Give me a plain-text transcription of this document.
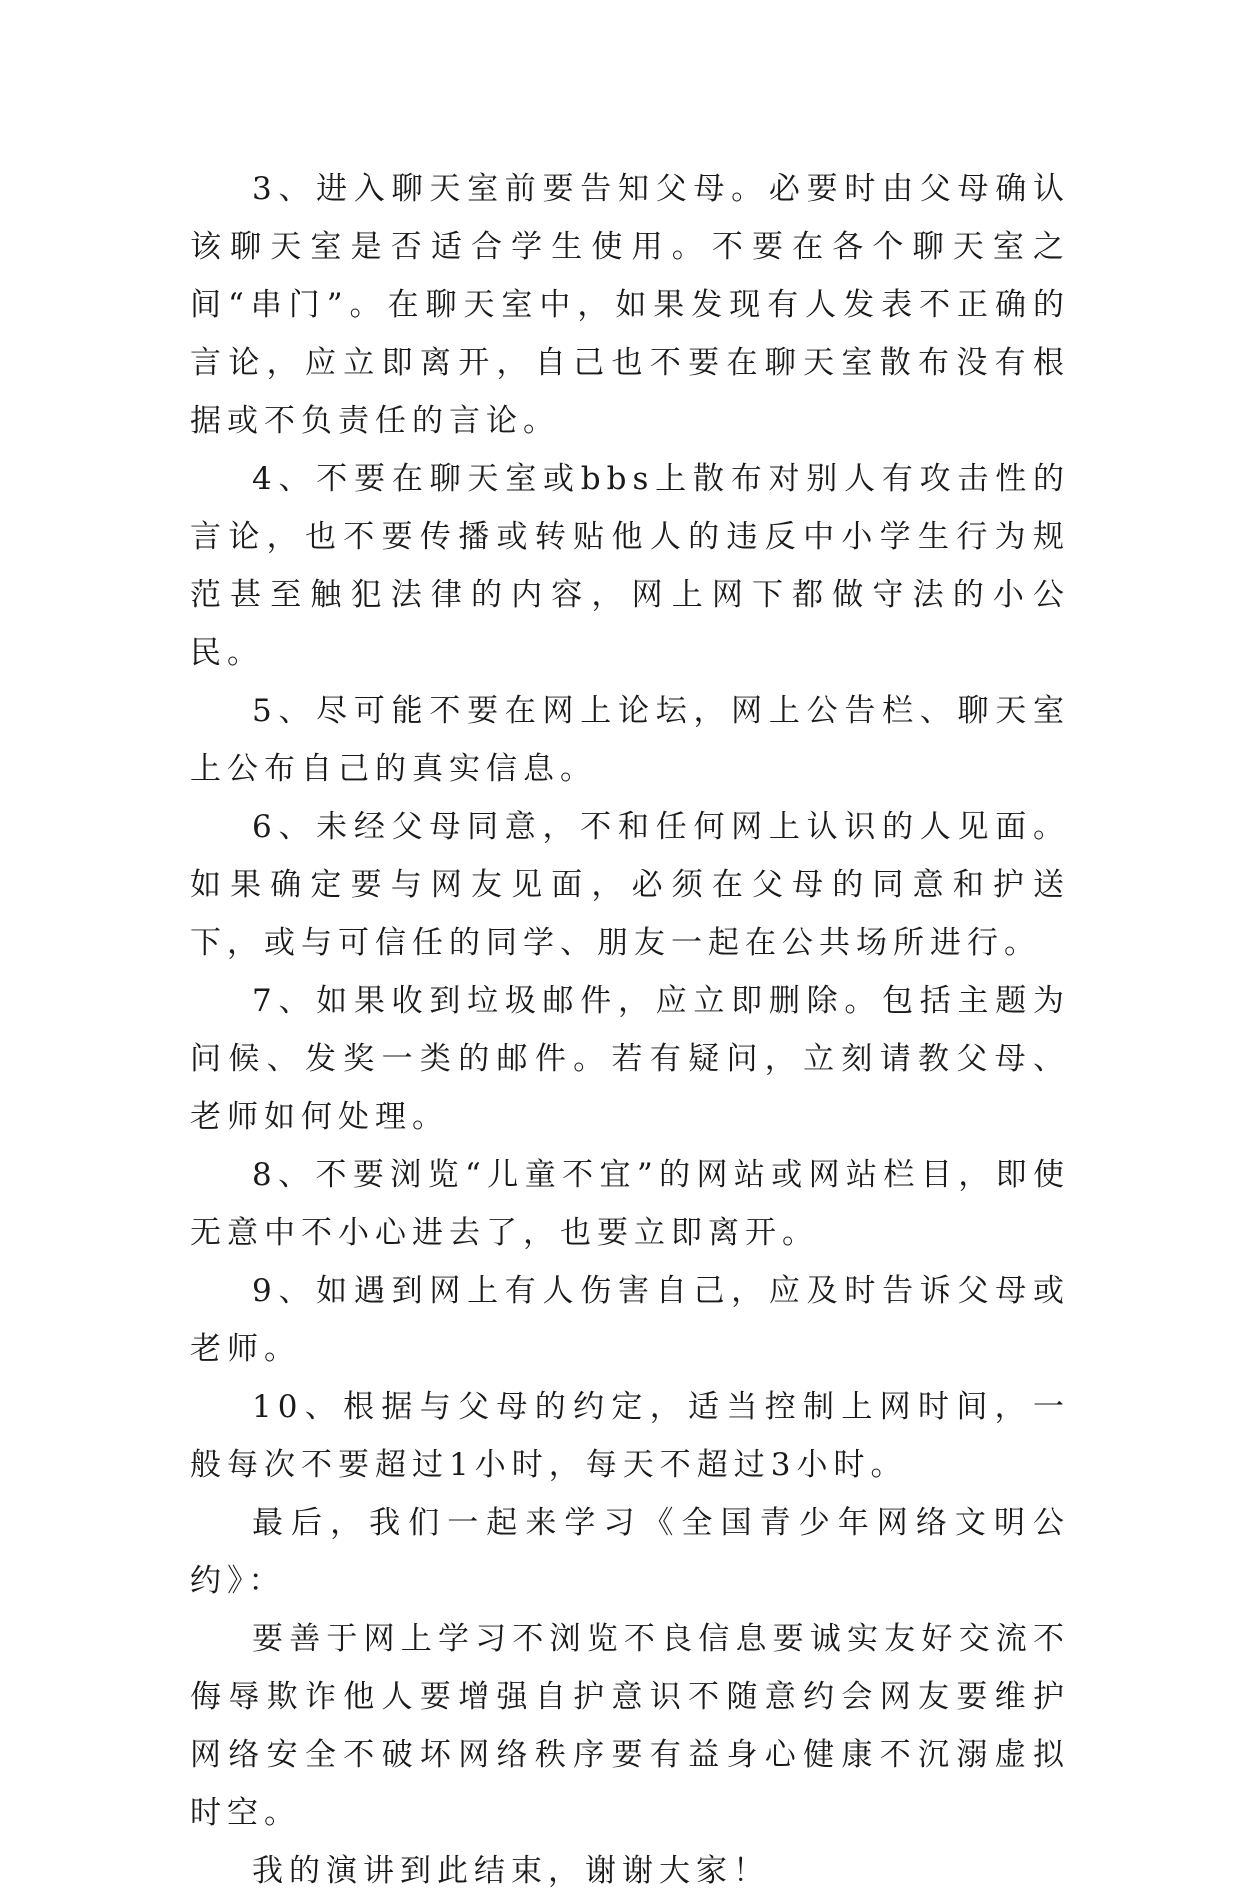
3、进入聊天室前要告知父母。必要时由父母确认该聊天室是否适合学生使用。不要在各个聊天室之间“串门”。在聊天室中，如果发现有人发表不正确的言论，应立即离开，自己也不要在聊天室散布没有根据或不负责任的言论。

4、不要在聊天室或bbs上散布对别人有攻击性的言论，也不要传播或转贴他人的违反中小学生行为规范甚至触犯法律的内容，网上网下都做守法的小公民。

5、尽可能不要在网上论坛，网上公告栏、聊天室上公布自己的真实信息。

6、未经父母同意，不和任何网上认识的人见面。如果确定要与网友见面，必须在父母的同意和护送下，或与可信任的同学、朋友一起在公共场所进行。

7、如果收到垃圾邮件，应立即删除。包括主题为问候、发奖一类的邮件。若有疑问，立刻请教父母、老师如何处理。

8、不要浏览“儿童不宜”的网站或网站栏目，即使无意中不小心进去了，也要立即离开。

9、如遇到网上有人伤害自己，应及时告诉父母或老师。

10、根据与父母的约定，适当控制上网时间，一般每次不要超过1小时，每天不超过3小时。

最后，我们一起来学习《全国青少年网络文明公约》：

要善于网上学习不浏览不良信息要诚实友好交流不侮辱欺诈他人要增强自护意识不随意约会网友要维护网络安全不破坏网络秩序要有益身心健康不沉溺虚拟时空。

我的演讲到此结束，谢谢大家！
